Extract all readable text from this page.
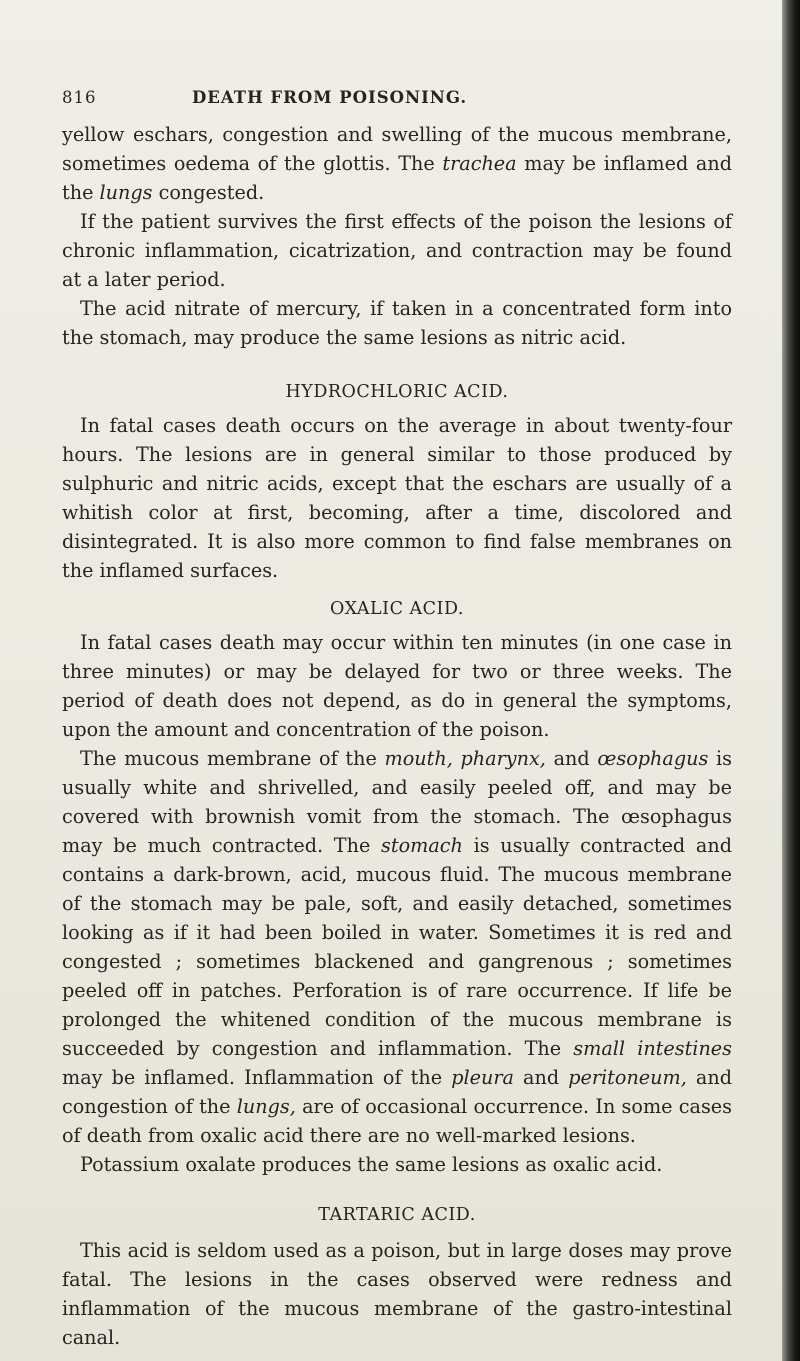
816	DEATH FROM POISONING.

yellow eschars, congestion and swelling of the mucous membrane, sometimes oedema of the glottis. The trachea may be inflamed and the lungs congested.

If the patient survives the first effects of the poison the lesions of chronic inflammation, cicatrization, and contraction may be found at a later period.

The acid nitrate of mercury, if taken in a concentrated form into the stomach, may produce the same lesions as nitric acid.

HYDROCHLORIC ACID.

In fatal cases death occurs on the average in about twenty-four hours. The lesions are in general similar to those produced by sulphuric and nitric acids, except that the eschars are usually of a whitish color at first, becoming, after a time, discolored and disintegrated. It is also more common to find false membranes on the inflamed surfaces.

OXALIC ACID.

In fatal cases death may occur within ten minutes (in one case in three minutes) or may be delayed for two or three weeks. The period of death does not depend, as do in general the symptoms, upon the amount and concentration of the poison.

The mucous membrane of the mouth, pharynx, and œsophagus is usually white and shrivelled, and easily peeled off, and may be covered with brownish vomit from the stomach. The œsophagus may be much contracted. The stomach is usually contracted and contains a dark-brown, acid, mucous fluid. The mucous membrane of the stomach may be pale, soft, and easily detached, sometimes looking as if it had been boiled in water. Sometimes it is red and congested ; sometimes blackened and gangrenous ; sometimes peeled off in patches. Perforation is of rare occurrence. If life be prolonged the whitened condition of the mucous membrane is succeeded by congestion and inflammation. The small intestines may be inflamed. Inflammation of the pleura and peritoneum, and congestion of the lungs, are of occasional occurrence. In some cases of death from oxalic acid there are no well-marked lesions.

Potassium oxalate produces the same lesions as oxalic acid.

TARTARIC ACID.

This acid is seldom used as a poison, but in large doses may prove fatal. The lesions in the cases observed were redness and inflammation of the mucous membrane of the gastro-intestinal canal.
